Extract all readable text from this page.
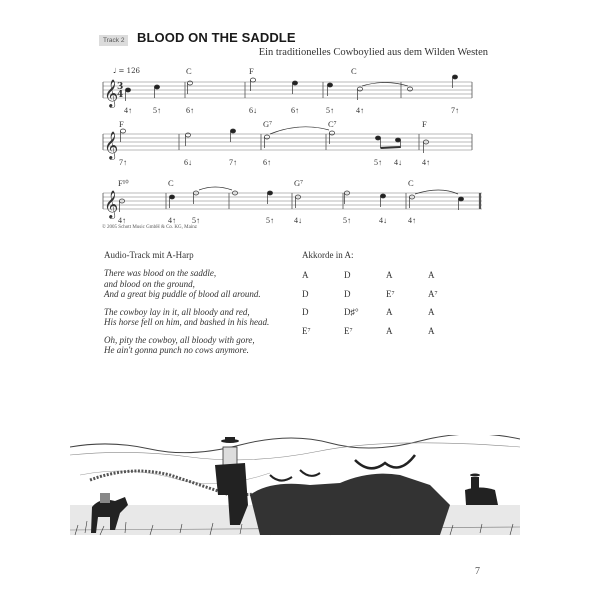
Track 2 BLOOD ON THE SADDLE
Ein traditionelles Cowboylied aus dem Wilden Westen
𝄞
𝄞
𝄞
3
4
♩ = 126	C	F	C
4↑	5↑	6↑	6↓	6↑	5↑	4↑	7↑
F	G⁷	C⁷	F
7↑	6↓	7↑	6↑	5↑ 4↓	4↑
F¹⁰	C	G⁷	C
4↑	4↑ 5↑	5↑	4↓	5↑	4↓	4↑
© 2005 Schott Music GmbH & Co. KG, Mainz
Audio-Track mit A-Harp
There was blood on the saddle,
and blood on the ground,
And a great big puddle of blood all around.
The cowboy lay in it, all bloody and red,
His horse fell on him, and bashed in his head.
Oh, pity the cowboy, all bloody with gore,
He ain't gonna punch no cows anymore.
Akkorde in A:
A	D	A	A
D	D	E⁷	A⁷
D	D♯°	A	A
E⁷	E⁷	A	A
7
